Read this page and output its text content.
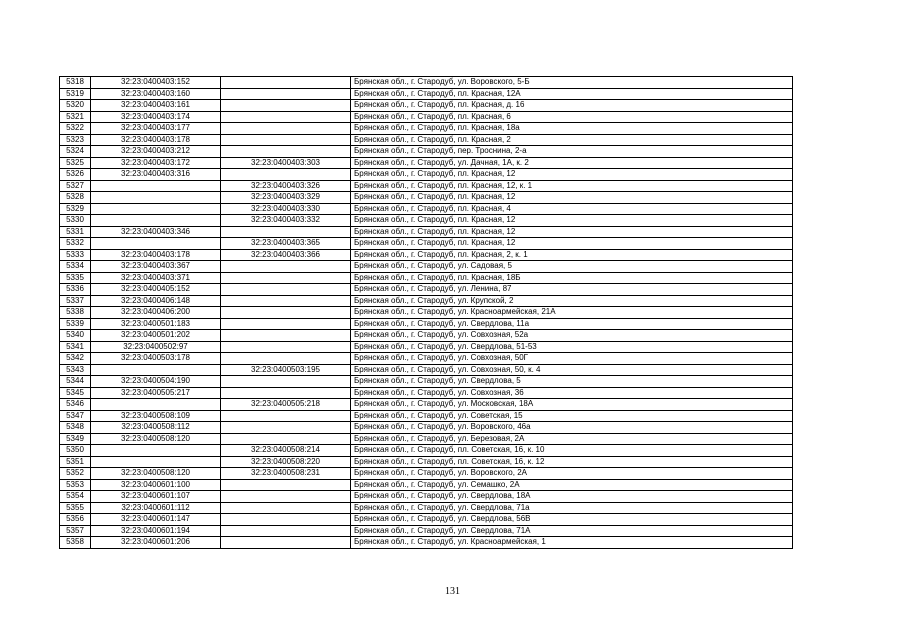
5318	32:23:0400403:152		Брянская обл., г. Стародуб, ул. Воровского, 5-Б
5319	32:23:0400403:160		Брянская обл., г. Стародуб, пл. Красная, 12А
5320	32:23:0400403:161		Брянская обл., г. Стародуб, пл. Красная, д. 16
5321	32:23:0400403:174		Брянская обл., г. Стародуб, пл. Красная, 6
5322	32:23:0400403:177		Брянская обл., г. Стародуб, пл. Красная, 18а
5323	32:23:0400403:178		Брянская обл., г. Стародуб, пл. Красная, 2
5324	32:23:0400403:212		Брянская обл., г. Стародуб, пер. Троснина, 2-а
5325	32:23:0400403:172	32:23:0400403:303	Брянская обл., г. Стародуб, ул. Дачная, 1А, к. 2
5326	32:23:0400403:316		Брянская обл., г. Стародуб, пл. Красная, 12
5327		32:23:0400403:326	Брянская обл., г. Стародуб, пл. Красная, 12, к. 1
5328		32:23:0400403:329	Брянская обл., г. Стародуб, пл. Красная, 12
5329		32:23:0400403:330	Брянская обл., г. Стародуб, пл. Красная, 4
5330		32:23:0400403:332	Брянская обл., г. Стародуб, пл. Красная, 12
5331	32:23:0400403:346		Брянская обл., г. Стародуб, пл. Красная, 12
5332		32:23:0400403:365	Брянская обл., г. Стародуб, пл. Красная, 12
5333	32:23:0400403:178	32:23:0400403:366	Брянская обл., г. Стародуб, пл. Красная, 2, к. 1
5334	32:23:0400403:367		Брянская обл., г. Стародуб, ул. Садовая, 5
5335	32:23:0400403:371		Брянская обл., г. Стародуб, пл. Красная, 18Б
5336	32:23:0400405:152		Брянская обл., г. Стародуб, ул. Ленина, 87
5337	32:23:0400406:148		Брянская обл., г. Стародуб, ул. Крупской, 2
5338	32:23:0400406:200		Брянская обл., г. Стародуб, ул. Красноармейская, 21А
5339	32:23:0400501:183		Брянская обл., г. Стародуб, ул. Свердлова, 11а
5340	32:23:0400501:202		Брянская обл., г. Стародуб, ул. Совхозная, 52а
5341	32:23:0400502:97		Брянская обл., г. Стародуб, ул. Свердлова, 51-53
5342	32:23:0400503:178		Брянская обл., г. Стародуб, ул. Совхозная, 50Г
5343		32:23:0400503:195	Брянская обл., г. Стародуб, ул. Совхозная, 50, к. 4
5344	32:23:0400504:190		Брянская обл., г. Стародуб, ул. Свердлова, 5
5345	32:23:0400505:217		Брянская обл., г. Стародуб, ул. Совхозная, 36
5346		32:23:0400505:218	Брянская обл., г. Стародуб, ул. Московская, 18А
5347	32:23:0400508:109		Брянская обл., г. Стародуб, ул. Советская, 15
5348	32:23:0400508:112		Брянская обл., г. Стародуб, ул. Воровского, 46а
5349	32:23:0400508:120		Брянская обл., г. Стародуб, ул. Березовая, 2А
5350		32:23:0400508:214	Брянская обл., г. Стародуб, пл. Советская, 16, к. 10
5351		32:23:0400508:220	Брянская обл., г. Стародуб, пл. Советская, 16, к. 12
5352	32:23:0400508:120	32:23:0400508:231	Брянская обл., г. Стародуб, ул. Воровского, 2А
5353	32:23:0400601:100		Брянская обл., г. Стародуб, ул. Семашко, 2А
5354	32:23:0400601:107		Брянская обл., г. Стародуб, ул. Свердлова, 18А
5355	32:23:0400601:112		Брянская обл., г. Стародуб, ул. Свердлова, 71а
5356	32:23:0400601:147		Брянская обл., г. Стародуб, ул. Свердлова, 56В
5357	32:23:0400601:194		Брянская обл., г. Стародуб, ул. Свердлова, 71А
5358	32:23:0400601:206		Брянская обл., г. Стародуб, ул. Красноармейская, 1
131
